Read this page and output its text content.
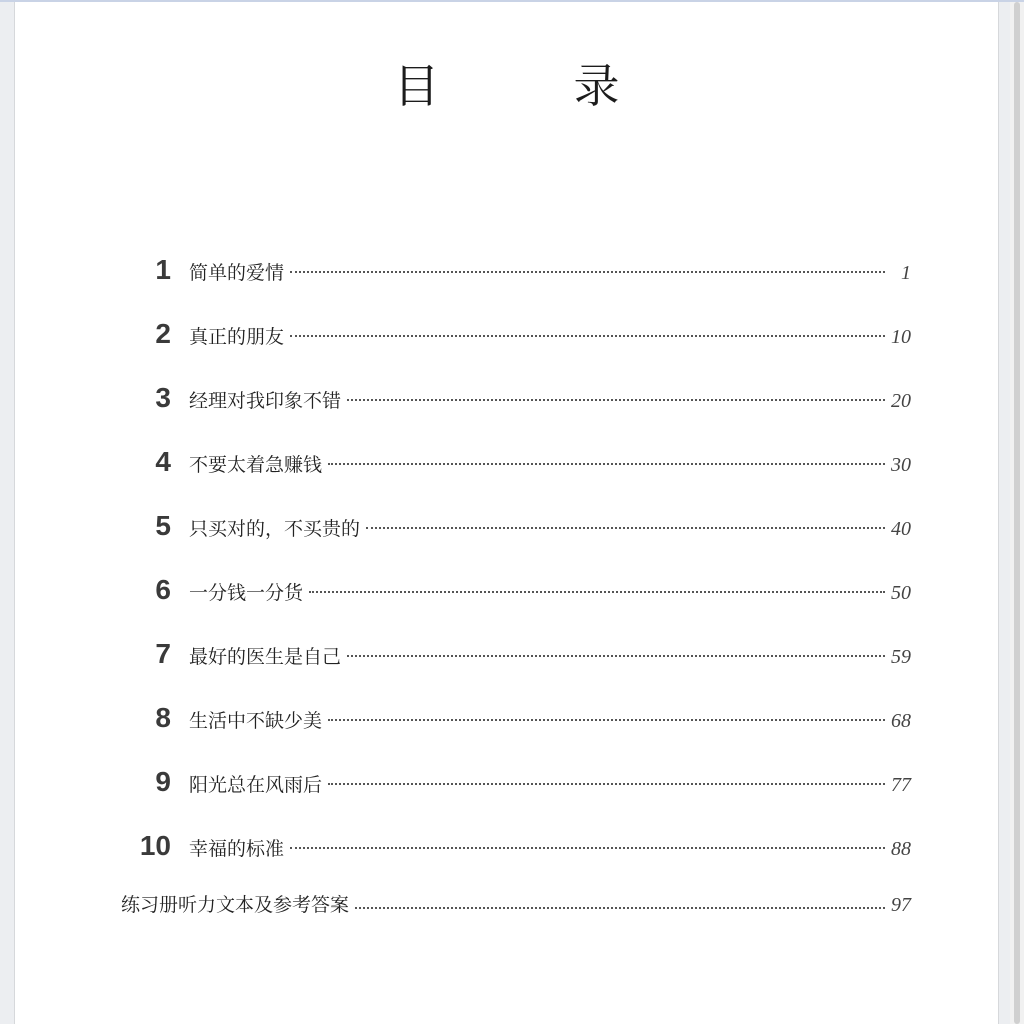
目　录
1 简单的爱情	1
2 真正的朋友	10
3 经理对我印象不错	20
4 不要太着急赚钱	30
5 只买对的，不买贵的	40
6 一分钱一分货	50
7 最好的医生是自己	59
8 生活中不缺少美	68
9 阳光总在风雨后	77
10 幸福的标准	88
练习册听力文本及参考答案	97
